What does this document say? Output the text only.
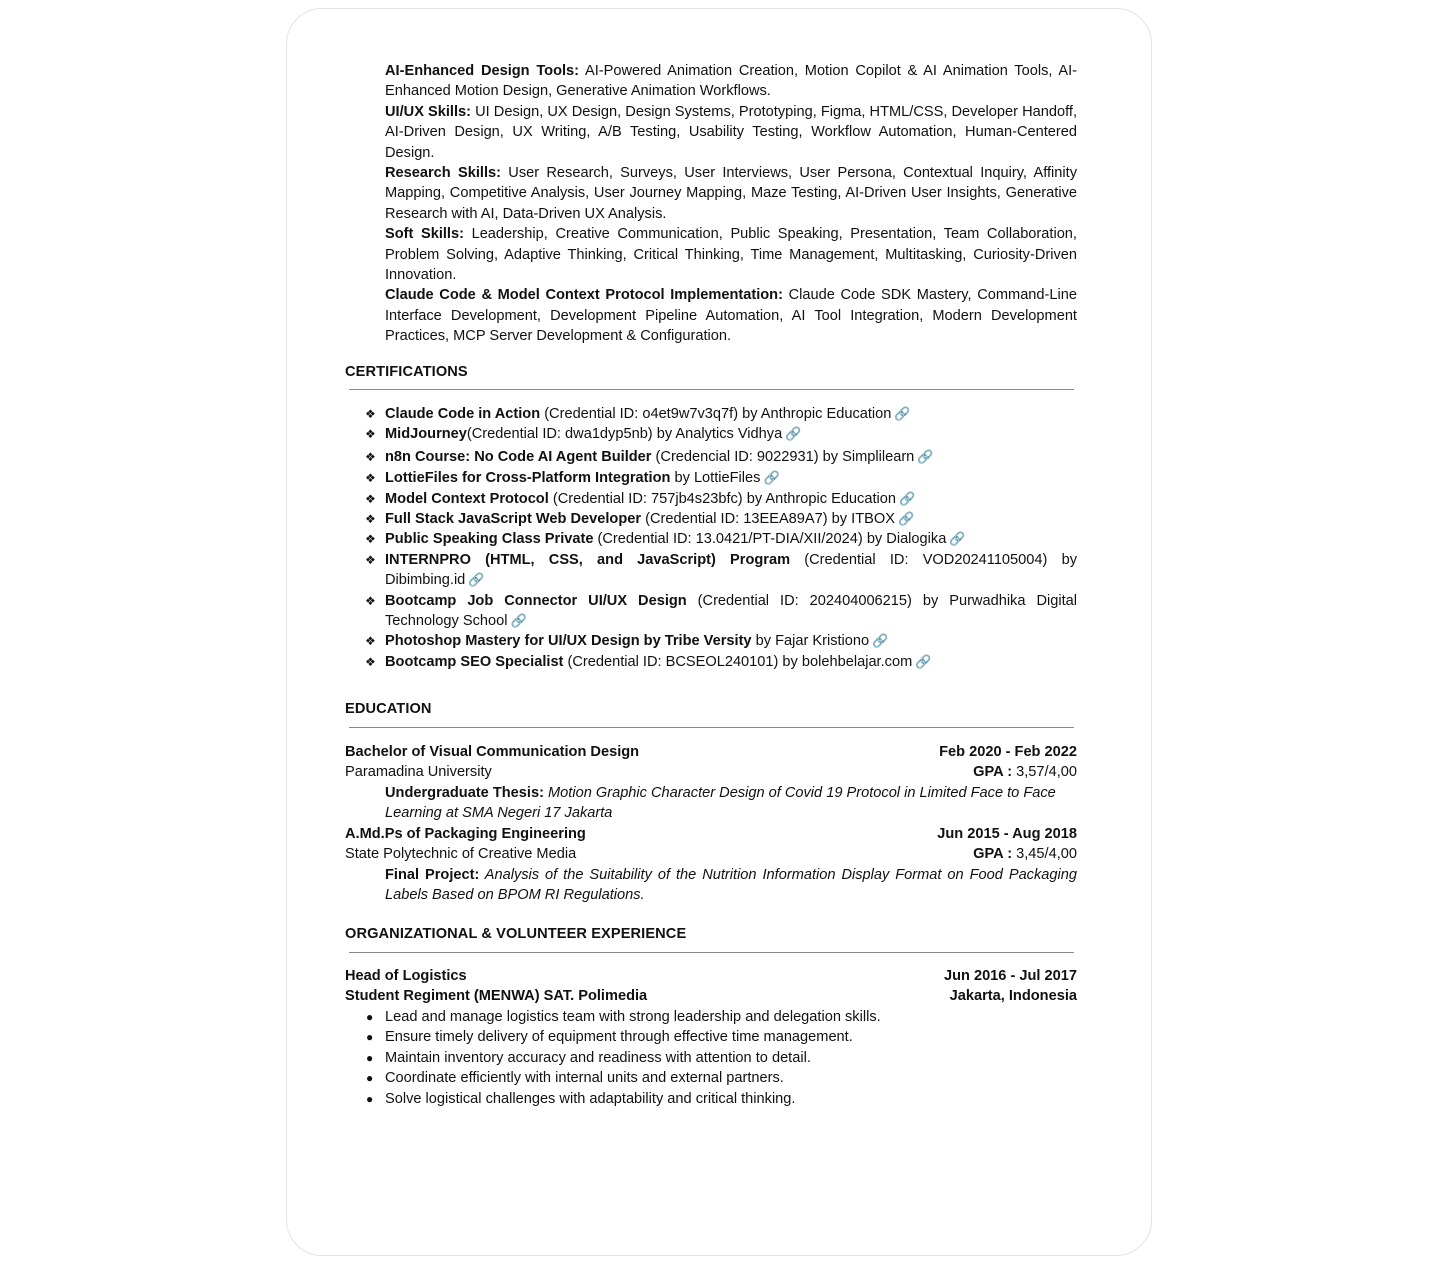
AI-Enhanced Design Tools: AI-Powered Animation Creation, Motion Copilot & AI Animation Tools, AI-Enhanced Motion Design, Generative Animation Workflows.
UI/UX Skills: UI Design, UX Design, Design Systems, Prototyping, Figma, HTML/CSS, Developer Handoff, AI-Driven Design, UX Writing, A/B Testing, Usability Testing, Workflow Automation, Human-Centered Design.
Research Skills: User Research, Surveys, User Interviews, User Persona, Contextual Inquiry, Affinity Mapping, Competitive Analysis, User Journey Mapping, Maze Testing, AI-Driven User Insights, Generative Research with AI, Data-Driven UX Analysis.
Soft Skills: Leadership, Creative Communication, Public Speaking, Presentation, Team Collaboration, Problem Solving, Adaptive Thinking, Critical Thinking, Time Management, Multitasking, Curiosity-Driven Innovation.
Claude Code & Model Context Protocol Implementation: Claude Code SDK Mastery, Command-Line Interface Development, Development Pipeline Automation, AI Tool Integration, Modern Development Practices, MCP Server Development & Configuration.
CERTIFICATIONS
❖ Claude Code in Action (Credential ID: o4et9w7v3q7f) by Anthropic Education 🔗
❖ MidJourney(Credential ID: dwa1dyp5nb) by Analytics Vidhya 🔗
❖ n8n Course: No Code AI Agent Builder (Credencial ID: 9022931) by Simplilearn 🔗
❖ LottieFiles for Cross-Platform Integration by LottieFiles 🔗
❖ Model Context Protocol (Credential ID: 757jb4s23bfc) by Anthropic Education 🔗
❖ Full Stack JavaScript Web Developer (Credential ID: 13EEA89A7) by ITBOX 🔗
❖ Public Speaking Class Private (Credential ID: 13.0421/PT-DIA/XII/2024) by Dialogika 🔗
❖ INTERNPRO (HTML, CSS, and JavaScript) Program (Credential ID: VOD20241105004) by Dibimbing.id 🔗
❖ Bootcamp Job Connector UI/UX Design (Credential ID: 202404006215) by Purwadhika Digital Technology School 🔗
❖ Photoshop Mastery for UI/UX Design by Tribe Versity by Fajar Kristiono 🔗
❖ Bootcamp SEO Specialist (Credential ID: BCSEOL240101) by bolehbelajar.com 🔗
EDUCATION
Bachelor of Visual Communication Design	Feb 2020 - Feb 2022
Paramadina University	GPA : 3,57/4,00
Undergraduate Thesis: Motion Graphic Character Design of Covid 19 Protocol in Limited Face to Face Learning at SMA Negeri 17 Jakarta
A.Md.Ps of Packaging Engineering	Jun 2015 - Aug 2018
State Polytechnic of Creative Media	GPA : 3,45/4,00
Final Project: Analysis of the Suitability of the Nutrition Information Display Format on Food Packaging Labels Based on BPOM RI Regulations.
ORGANIZATIONAL & VOLUNTEER EXPERIENCE
Head of Logistics	Jun 2016 - Jul 2017
Student Regiment (MENWA) SAT. Polimedia	Jakarta, Indonesia
● Lead and manage logistics team with strong leadership and delegation skills.
● Ensure timely delivery of equipment through effective time management.
● Maintain inventory accuracy and readiness with attention to detail.
● Coordinate efficiently with internal units and external partners.
● Solve logistical challenges with adaptability and critical thinking.
